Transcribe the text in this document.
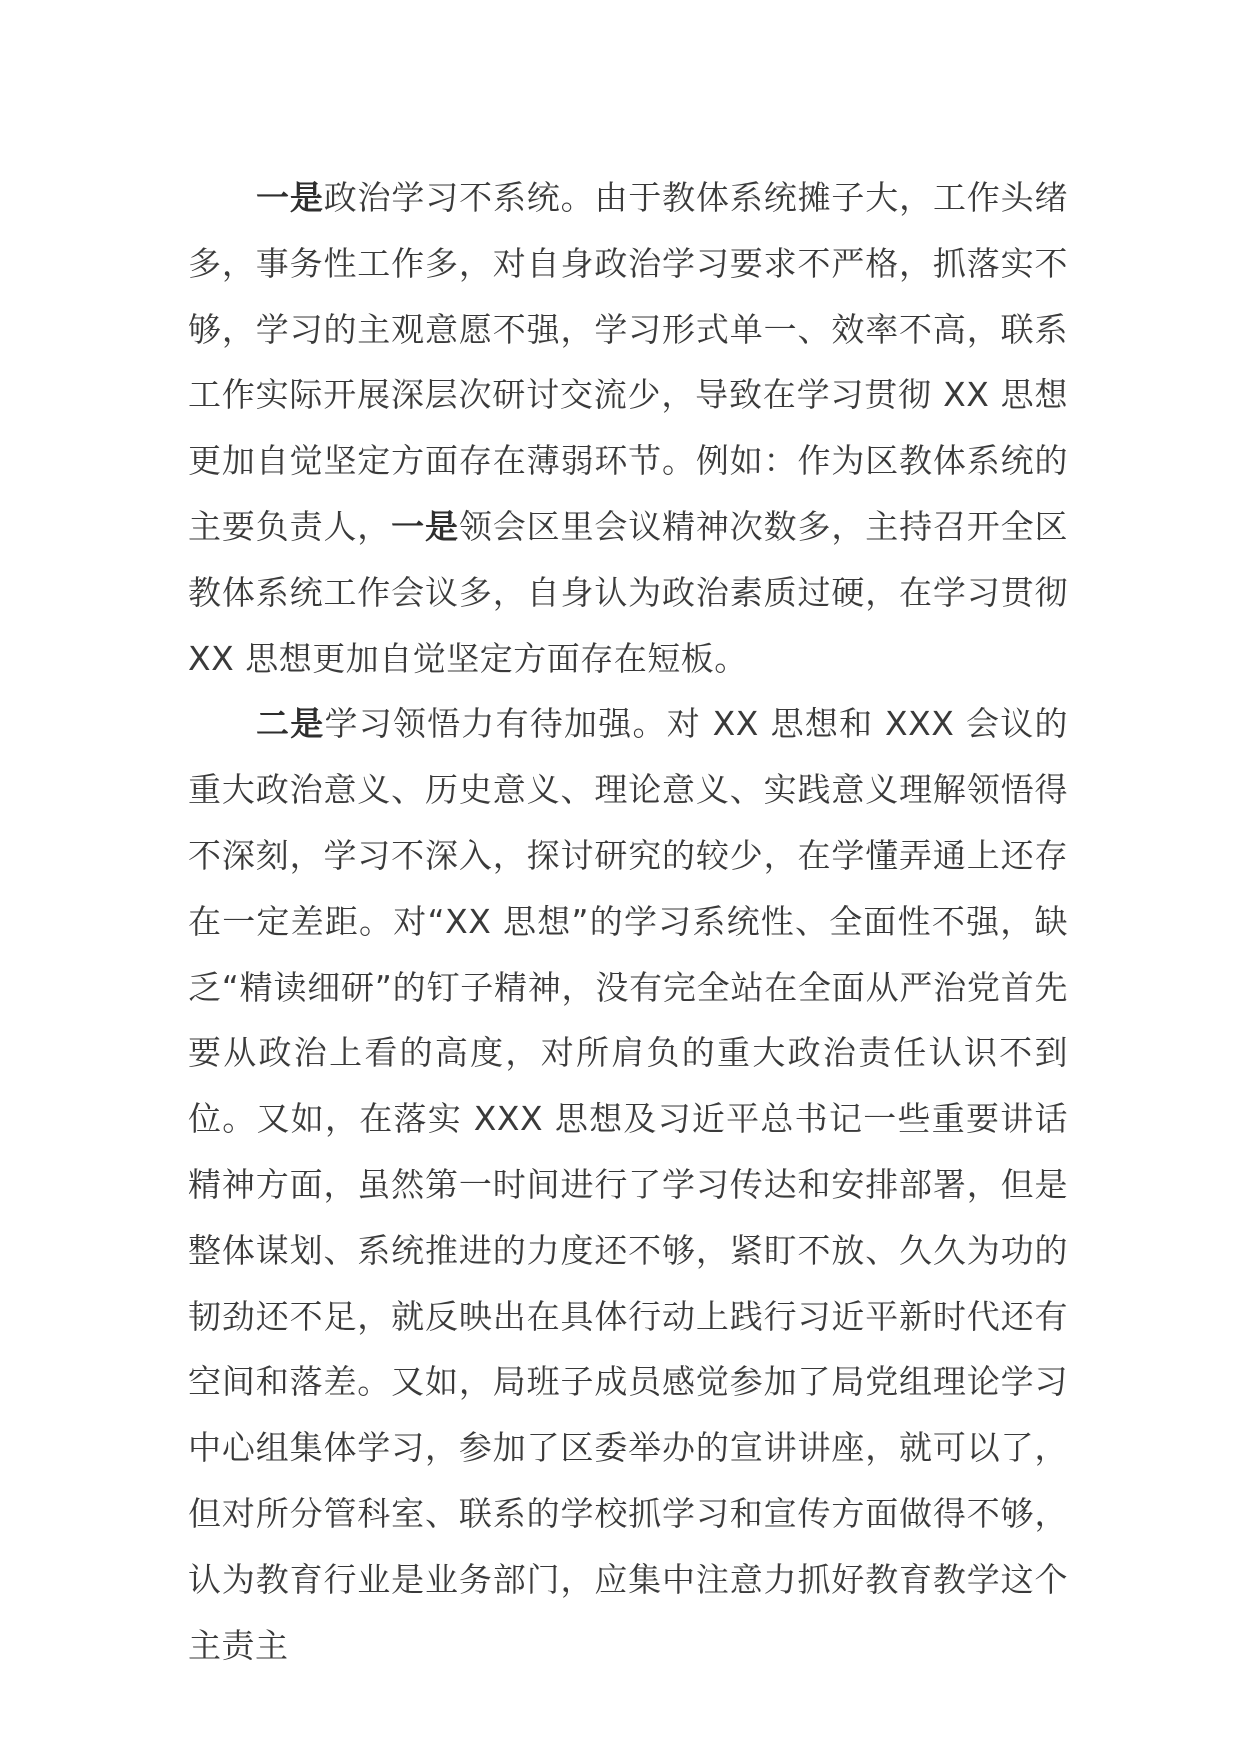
一是政治学习不系统。由于教体系统摊子大，工作头绪多，事务性工作多，对自身政治学习要求不严格，抓落实不够，学习的主观意愿不强，学习形式单一、效率不高，联系工作实际开展深层次研讨交流少，导致在学习贯彻 XX 思想更加自觉坚定方面存在薄弱环节。例如：作为区教体系统的主要负责人，一是领会区里会议精神次数多，主持召开全区教体系统工作会议多，自身认为政治素质过硬，在学习贯彻 XX 思想更加自觉坚定方面存在短板。

二是学习领悟力有待加强。对 XX 思想和 XXX 会议的重大政治意义、历史意义、理论意义、实践意义理解领悟得不深刻，学习不深入，探讨研究的较少，在学懂弄通上还存在一定差距。对“XX 思想”的学习系统性、全面性不强，缺乏“精读细研”的钉子精神，没有完全站在全面从严治党首先要从政治上看的高度，对所肩负的重大政治责任认识不到位。又如，在落实 XXX 思想及习近平总书记一些重要讲话精神方面，虽然第一时间进行了学习传达和安排部署，但是整体谋划、系统推进的力度还不够，紧盯不放、久久为功的韧劲还不足，就反映出在具体行动上践行习近平新时代还有空间和落差。又如，局班子成员感觉参加了局党组理论学习中心组集体学习，参加了区委举办的宣讲讲座，就可以了，但对所分管科室、联系的学校抓学习和宣传方面做得不够，认为教育行业是业务部门，应集中注意力抓好教育教学这个主责主
